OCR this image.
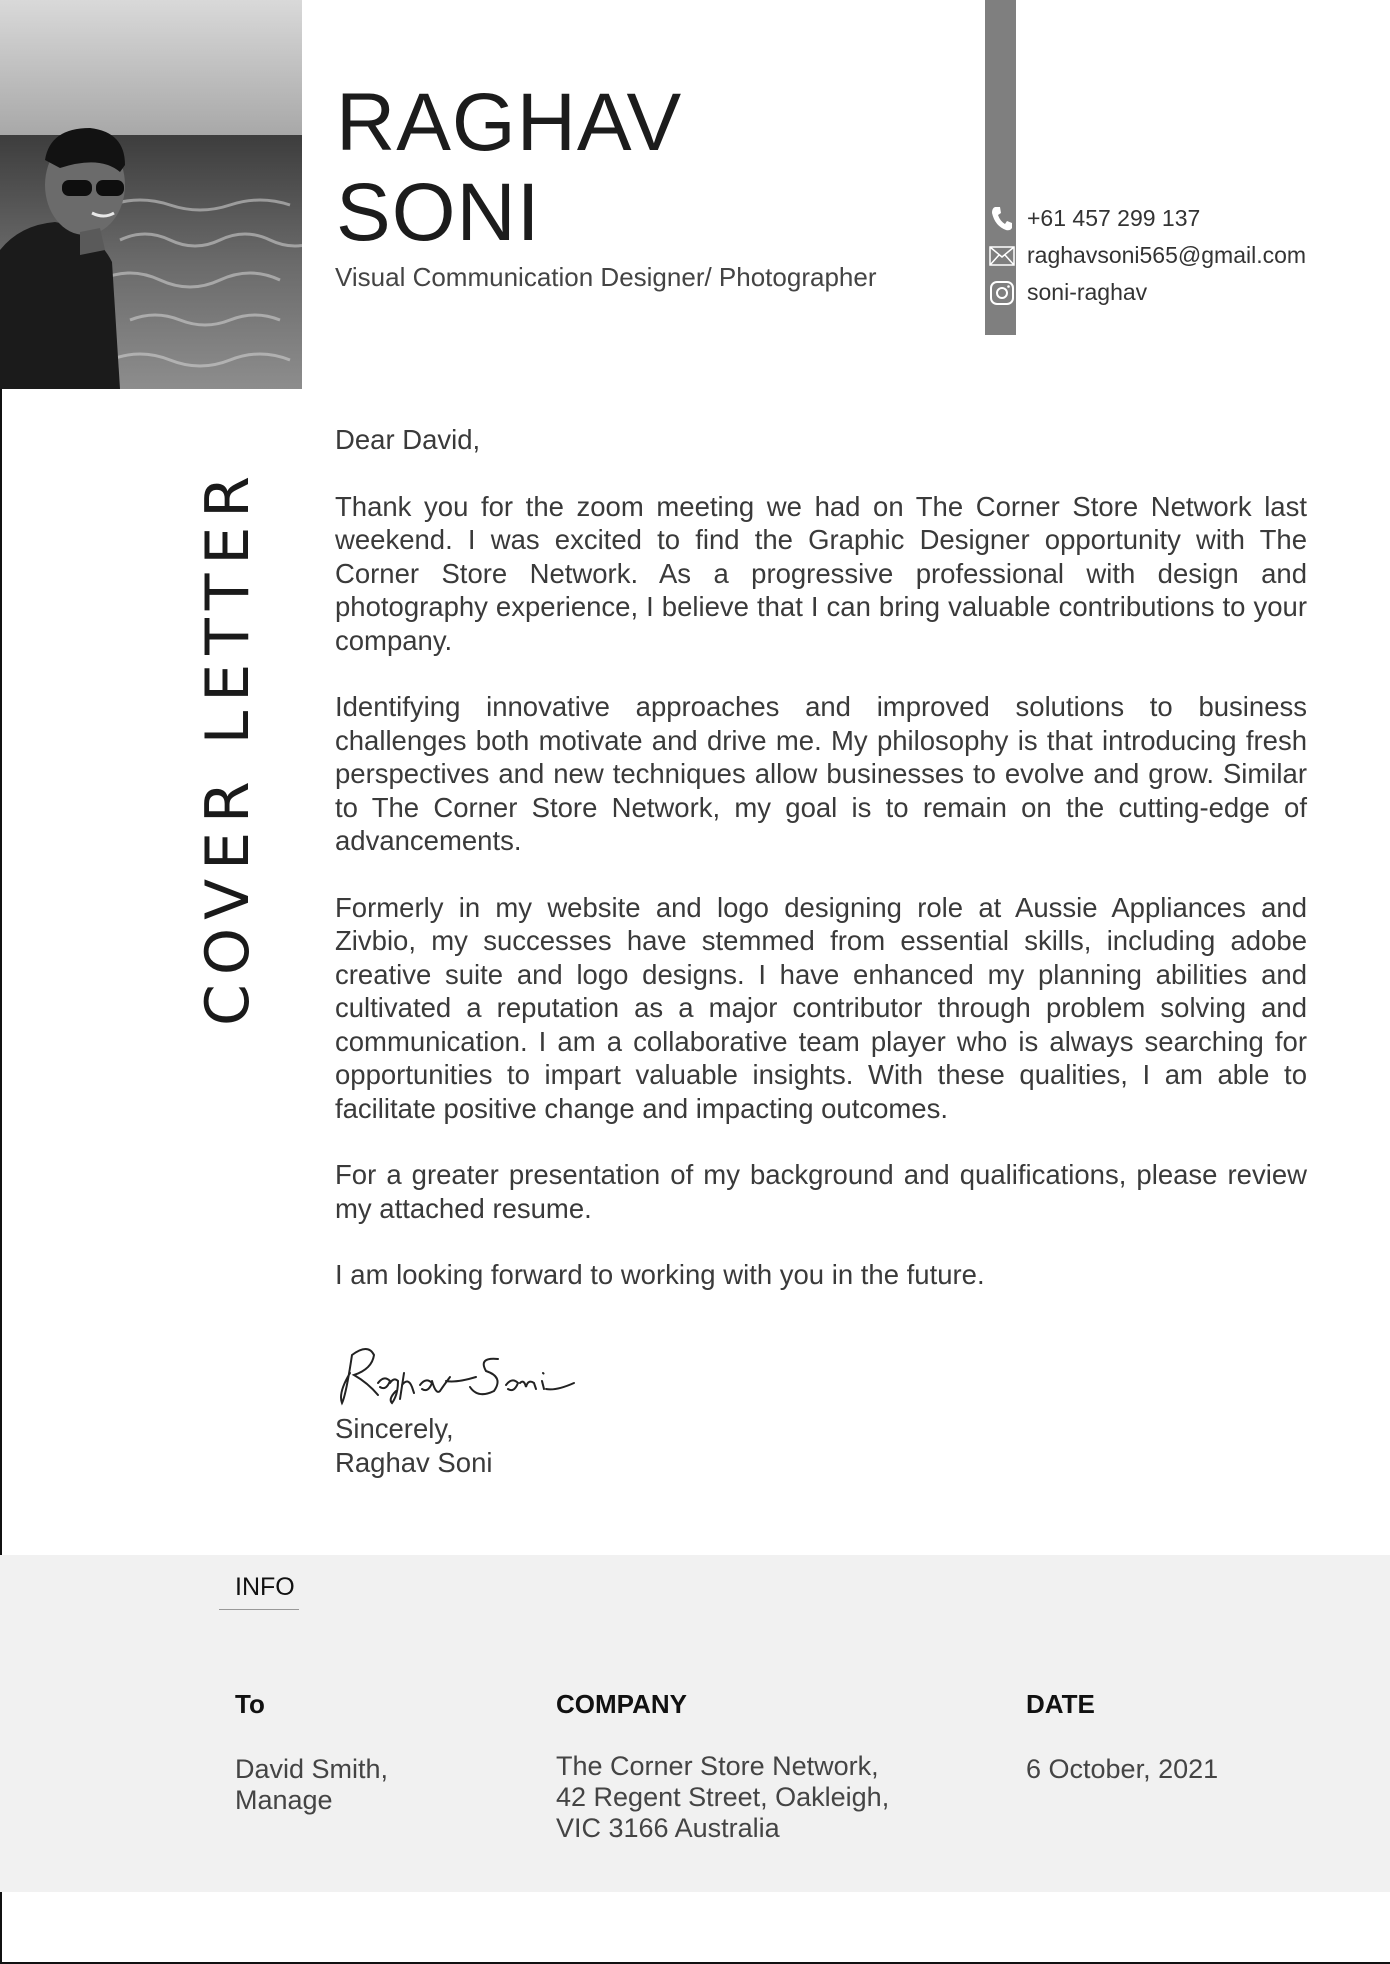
RAGHAV
SONI

Visual Communication Designer/ Photographer

+61 457 299 137
raghavsoni565@gmail.com
soni-raghav
COVER LETTER

Dear David,

Thank you for the zoom meeting we had on The Corner Store Network last weekend. I was excited to find the Graphic Designer opportunity with The Corner Store Network. As a progressive professional with design and photography experience, I believe that I can bring valuable contributions to your company.

Identifying innovative approaches and improved solutions to business challenges both motivate and drive me. My philosophy is that introducing fresh perspectives and new techniques allow businesses to evolve and grow. Similar to The Corner Store Network, my goal is to remain on the cutting-edge of advancements.

Formerly in my website and logo designing role at Aussie Appliances and Zivbio, my successes have stemmed from essential skills, including adobe creative suite and logo designs. I have enhanced my planning abilities and cultivated a reputation as a major contributor through problem solving and communication. I am a collaborative team player who is always searching for opportunities to impart valuable insights. With these qualities, I am able to facilitate positive change and impacting outcomes.

For a greater presentation of my background and qualifications, please review my attached resume.

I am looking forward to working with you in the future.

Sincerely,
Raghav Soni
INFO
To
David Smith,
Manage
COMPANY
The Corner Store Network,
42 Regent Street, Oakleigh,
VIC 3166 Australia
DATE
6 October, 2021
